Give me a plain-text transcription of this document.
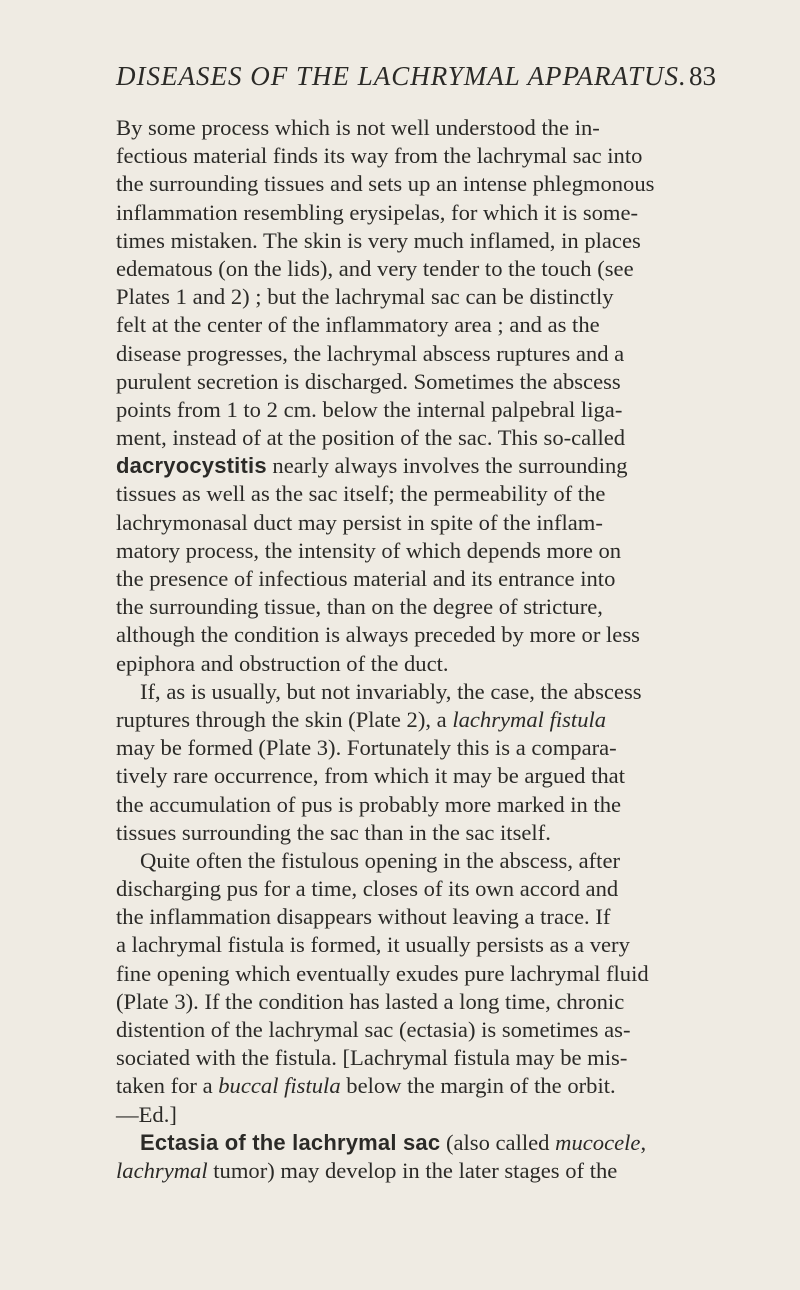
DISEASES OF THE LACHRYMAL APPARATUS. 83
By some process which is not well understood the in-
fectious material finds its way from the lachrymal sac into
the surrounding tissues and sets up an intense phlegmonous
inflammation resembling erysipelas, for which it is some-
times mistaken. The skin is very much inflamed, in places
edematous (on the lids), and very tender to the touch (see
Plates 1 and 2) ; but the lachrymal sac can be distinctly
felt at the center of the inflammatory area ; and as the
disease progresses, the lachrymal abscess ruptures and a
purulent secretion is discharged. Sometimes the abscess
points from 1 to 2 cm. below the internal palpebral liga-
ment, instead of at the position of the sac. This so-called
dacryocystitis nearly always involves the surrounding
tissues as well as the sac itself; the permeability of the
lachrymonasal duct may persist in spite of the inflam-
matory process, the intensity of which depends more on
the presence of infectious material and its entrance into
the surrounding tissue, than on the degree of stricture,
although the condition is always preceded by more or less
epiphora and obstruction of the duct.
If, as is usually, but not invariably, the case, the abscess
ruptures through the skin (Plate 2), a lachrymal fistula
may be formed (Plate 3). Fortunately this is a compara-
tively rare occurrence, from which it may be argued that
the accumulation of pus is probably more marked in the
tissues surrounding the sac than in the sac itself.
Quite often the fistulous opening in the abscess, after
discharging pus for a time, closes of its own accord and
the inflammation disappears without leaving a trace. If
a lachrymal fistula is formed, it usually persists as a very
fine opening which eventually exudes pure lachrymal fluid
(Plate 3). If the condition has lasted a long time, chronic
distention of the lachrymal sac (ectasia) is sometimes as-
sociated with the fistula. [Lachrymal fistula may be mis-
taken for a buccal fistula below the margin of the orbit.
—Ed.]
Ectasia of the lachrymal sac (also called mucocele,
lachrymal tumor) may develop in the later stages of the
